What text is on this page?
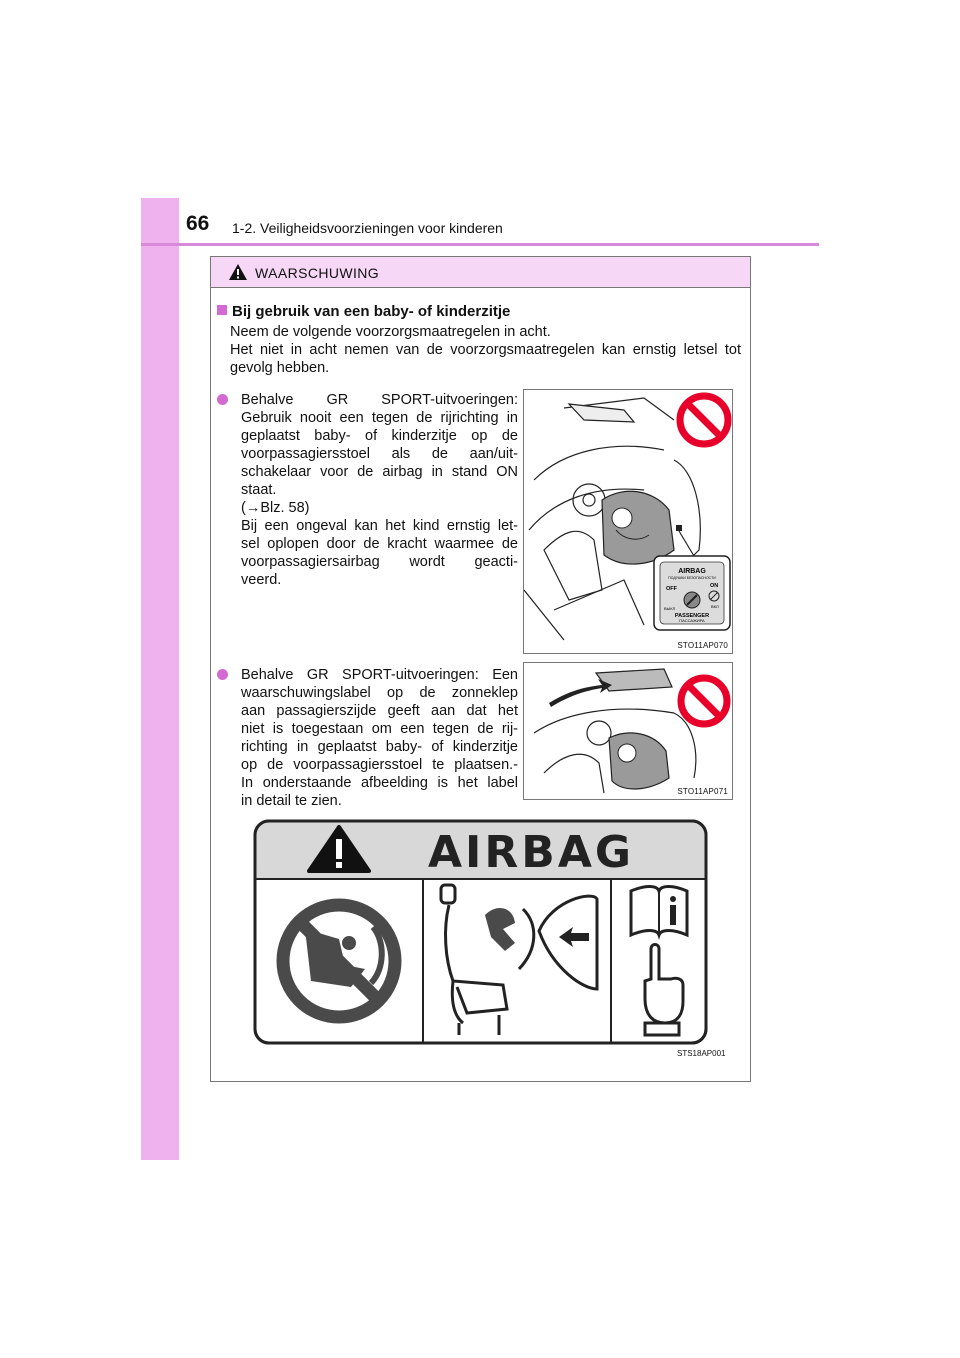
66 1-2. Veiligheidsvoorzieningen voor kinderen
WAARSCHUWING
Bij gebruik van een baby- of kinderzitje
Neem de volgende voorzorgsmaatregelen in acht.
Het niet in acht nemen van de voorzorgsmaatregelen kan ernstig letsel tot gevolg hebben.
Behalve GR SPORT-uitvoeringen:
Gebruik nooit een tegen de rijrichting in
geplaatst baby- of kinderzitje op de
voorpassagiersstoel als de aan/uit-
schakelaar voor de airbag in stand ON
staat.
(→Blz. 58)
Bij een ongeval kan het kind ernstig let-
sel oplopen door de kracht waarmee de
voorpassagiersairbag wordt geacti-
veerd.
AIRBAG
ПОДУШКИ БЕЗОПАСНОСТИ
OFF	ON
ВЫКЛ	ВКЛ
PASSENGER
ПАССАЖИРА
STO11AP070
Behalve GR SPORT-uitvoeringen: Een
waarschuwingslabel op de zonneklep
aan passagierszijde geeft aan dat het
niet is toegestaan om een tegen de rij-
richting in geplaatst baby- of kinderzitje
op de voorpassagiersstoel te plaatsen.-
In onderstaande afbeelding is het label
in detail te zien.
STO11AP071
AIRBAG
STS18AP001
